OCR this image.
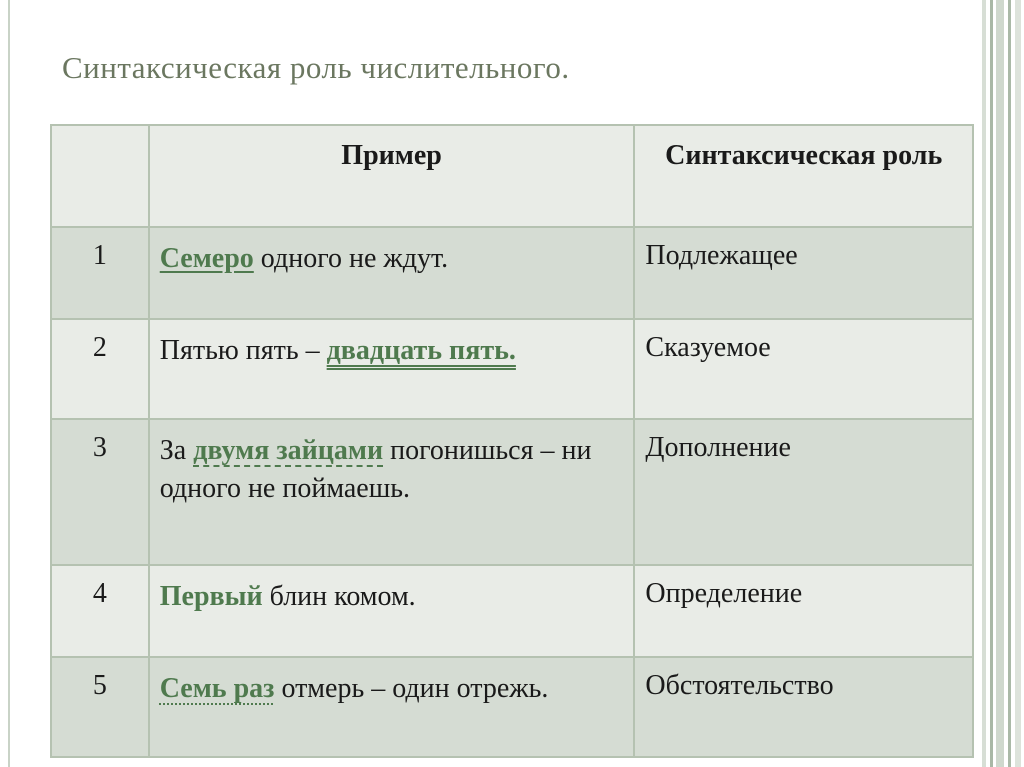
Синтаксическая роль числительного.
	Пример	Синтаксическая роль
1	Семеро одного не ждут.	Подлежащее
2	Пятью пять – двадцать пять.	Сказуемое
3	За двумя зайцами погонишься – ни одного не поймаешь.	Дополнение
4	Первый блин комом.	Определение
5	Семь раз отмерь – один отрежь.	Обстоятельство
